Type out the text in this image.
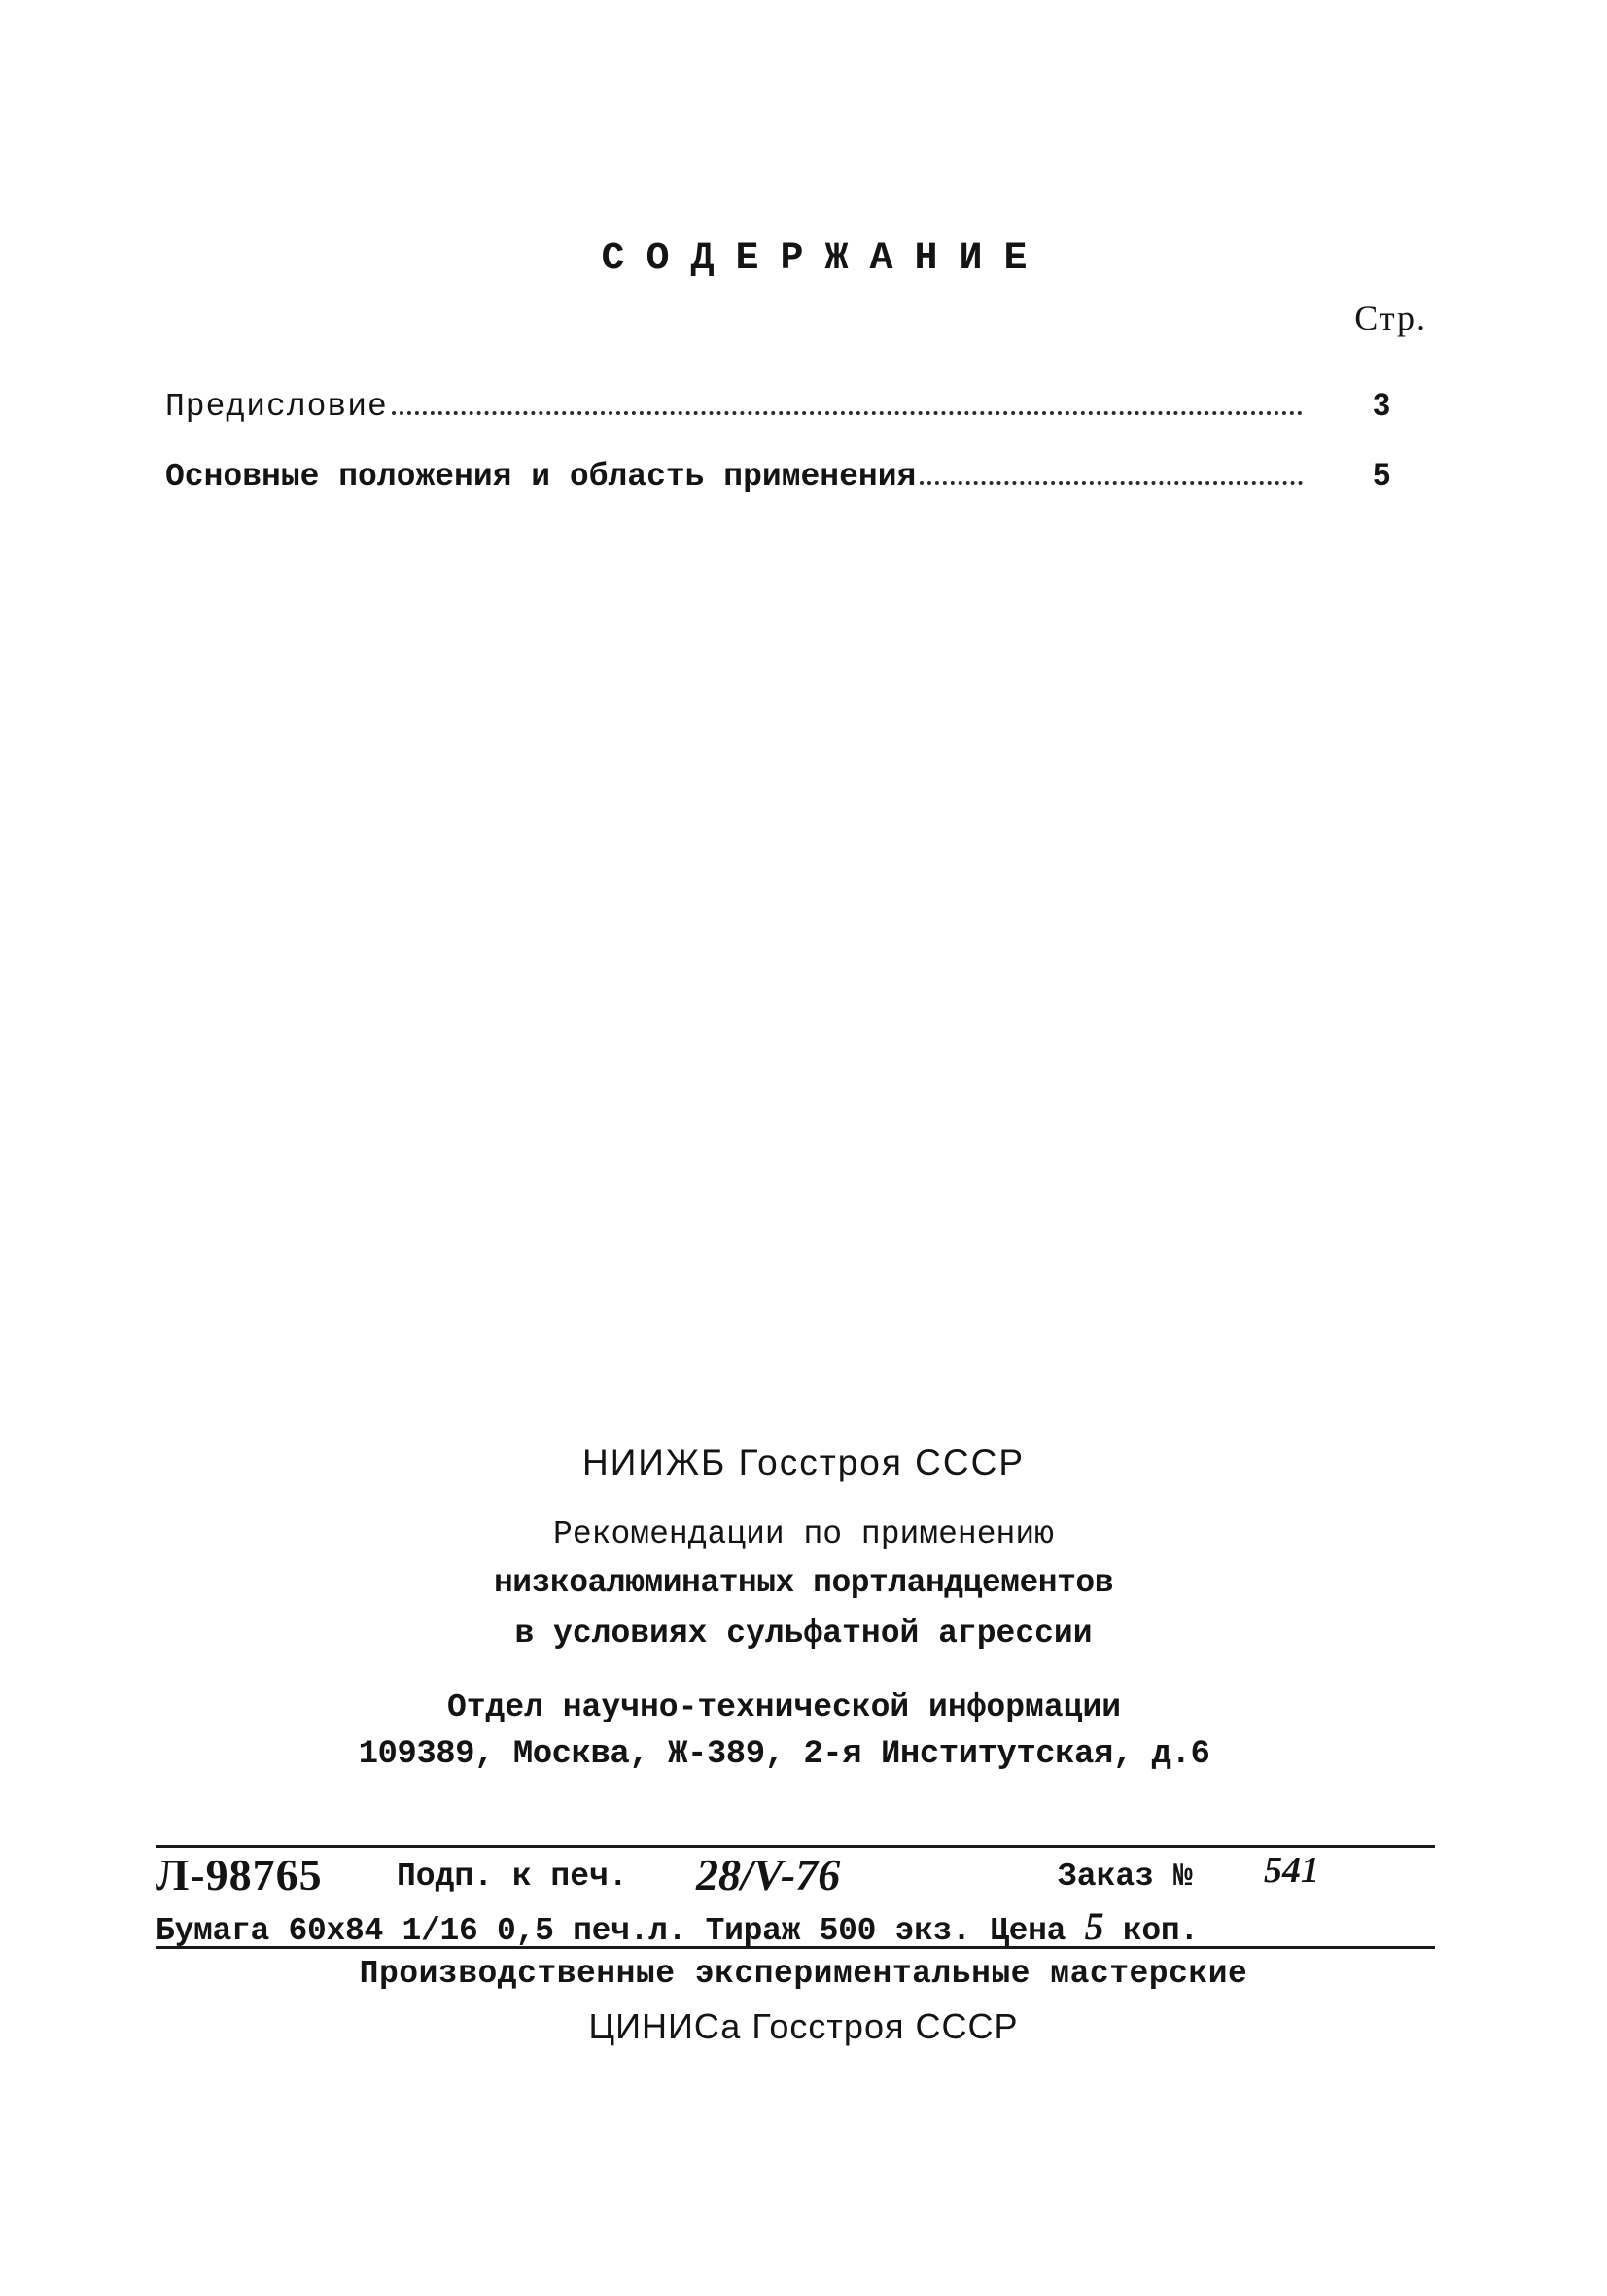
СОДЕРЖАНИЕ
Стр.
Предисловие	3
Основные положения и область применения	5
НИИЖБ Госстроя СССР
Рекомендации по применению
низкоалюминатных портландцементов
в условиях сульфатной агрессии
Отдел научно-технической информации
109389, Москва, Ж-389, 2-я Институтская, д.6
Л-98765 Подп. к печ. 28/V-76	Заказ № 541
Бумага 60х84 1/16 0,5 печ.л. Тираж 500 экз. Цена 5 коп.
Производственные экспериментальные мастерские
ЦИНИСа Госстроя СССР
